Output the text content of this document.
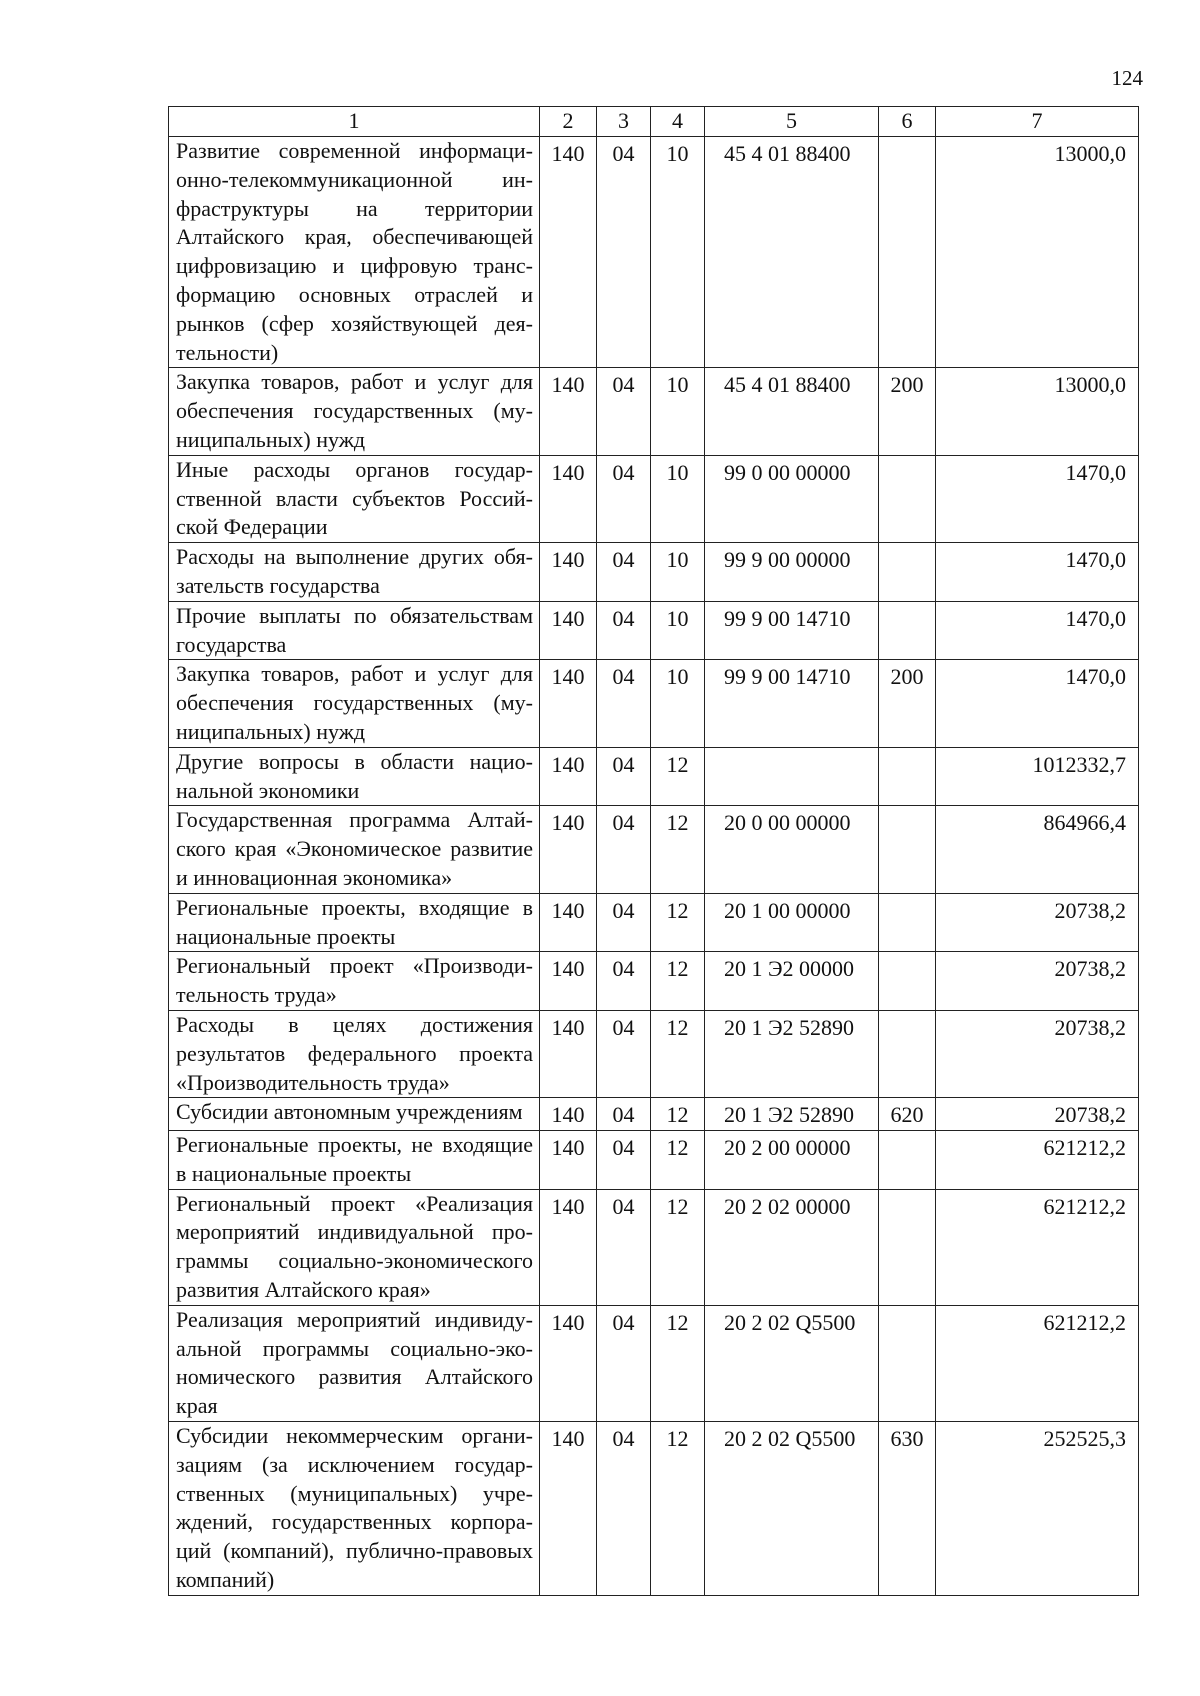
124
1	2	3	4	5	6	7
Развитие современной информационно-телекоммуникационной инфраструктуры на территории Алтайского края, обеспечивающей цифровизацию и цифровую трансформацию основных отраслей и рынков (сфер хозяйствующей деятельности)	140	04	10	45 4 01 88400		13000,0
Закупка товаров, работ и услуг для обеспечения государственных (муниципальных) нужд	140	04	10	45 4 01 88400	200	13000,0
Иные расходы органов государственной власти субъектов Российской Федерации	140	04	10	99 0 00 00000		1470,0
Расходы на выполнение других обязательств государства	140	04	10	99 9 00 00000		1470,0
Прочие выплаты по обязательствам государства	140	04	10	99 9 00 14710		1470,0
Закупка товаров, работ и услуг для обеспечения государственных (муниципальных) нужд	140	04	10	99 9 00 14710	200	1470,0
Другие вопросы в области национальной экономики	140	04	12			1012332,7
Государственная программа Алтайского края «Экономическое развитие и инновационная экономика»	140	04	12	20 0 00 00000		864966,4
Региональные проекты, входящие в национальные проекты	140	04	12	20 1 00 00000		20738,2
Региональный проект «Производительность труда»	140	04	12	20 1 Э2 00000		20738,2
Расходы в целях достижения результатов федерального проекта «Производительность труда»	140	04	12	20 1 Э2 52890		20738,2
Субсидии автономным учреждениям	140	04	12	20 1 Э2 52890	620	20738,2
Региональные проекты, не входящие в национальные проекты	140	04	12	20 2 00 00000		621212,2
Региональный проект «Реализация мероприятий индивидуальной программы социально-экономического развития Алтайского края»	140	04	12	20 2 02 00000		621212,2
Реализация мероприятий индивидуальной программы социально-экономического развития Алтайского края	140	04	12	20 2 02 Q5500		621212,2
Субсидии некоммерческим организациям (за исключением государственных (муниципальных) учреждений, государственных корпораций (компаний), публично-правовых компаний)	140	04	12	20 2 02 Q5500	630	252525,3
